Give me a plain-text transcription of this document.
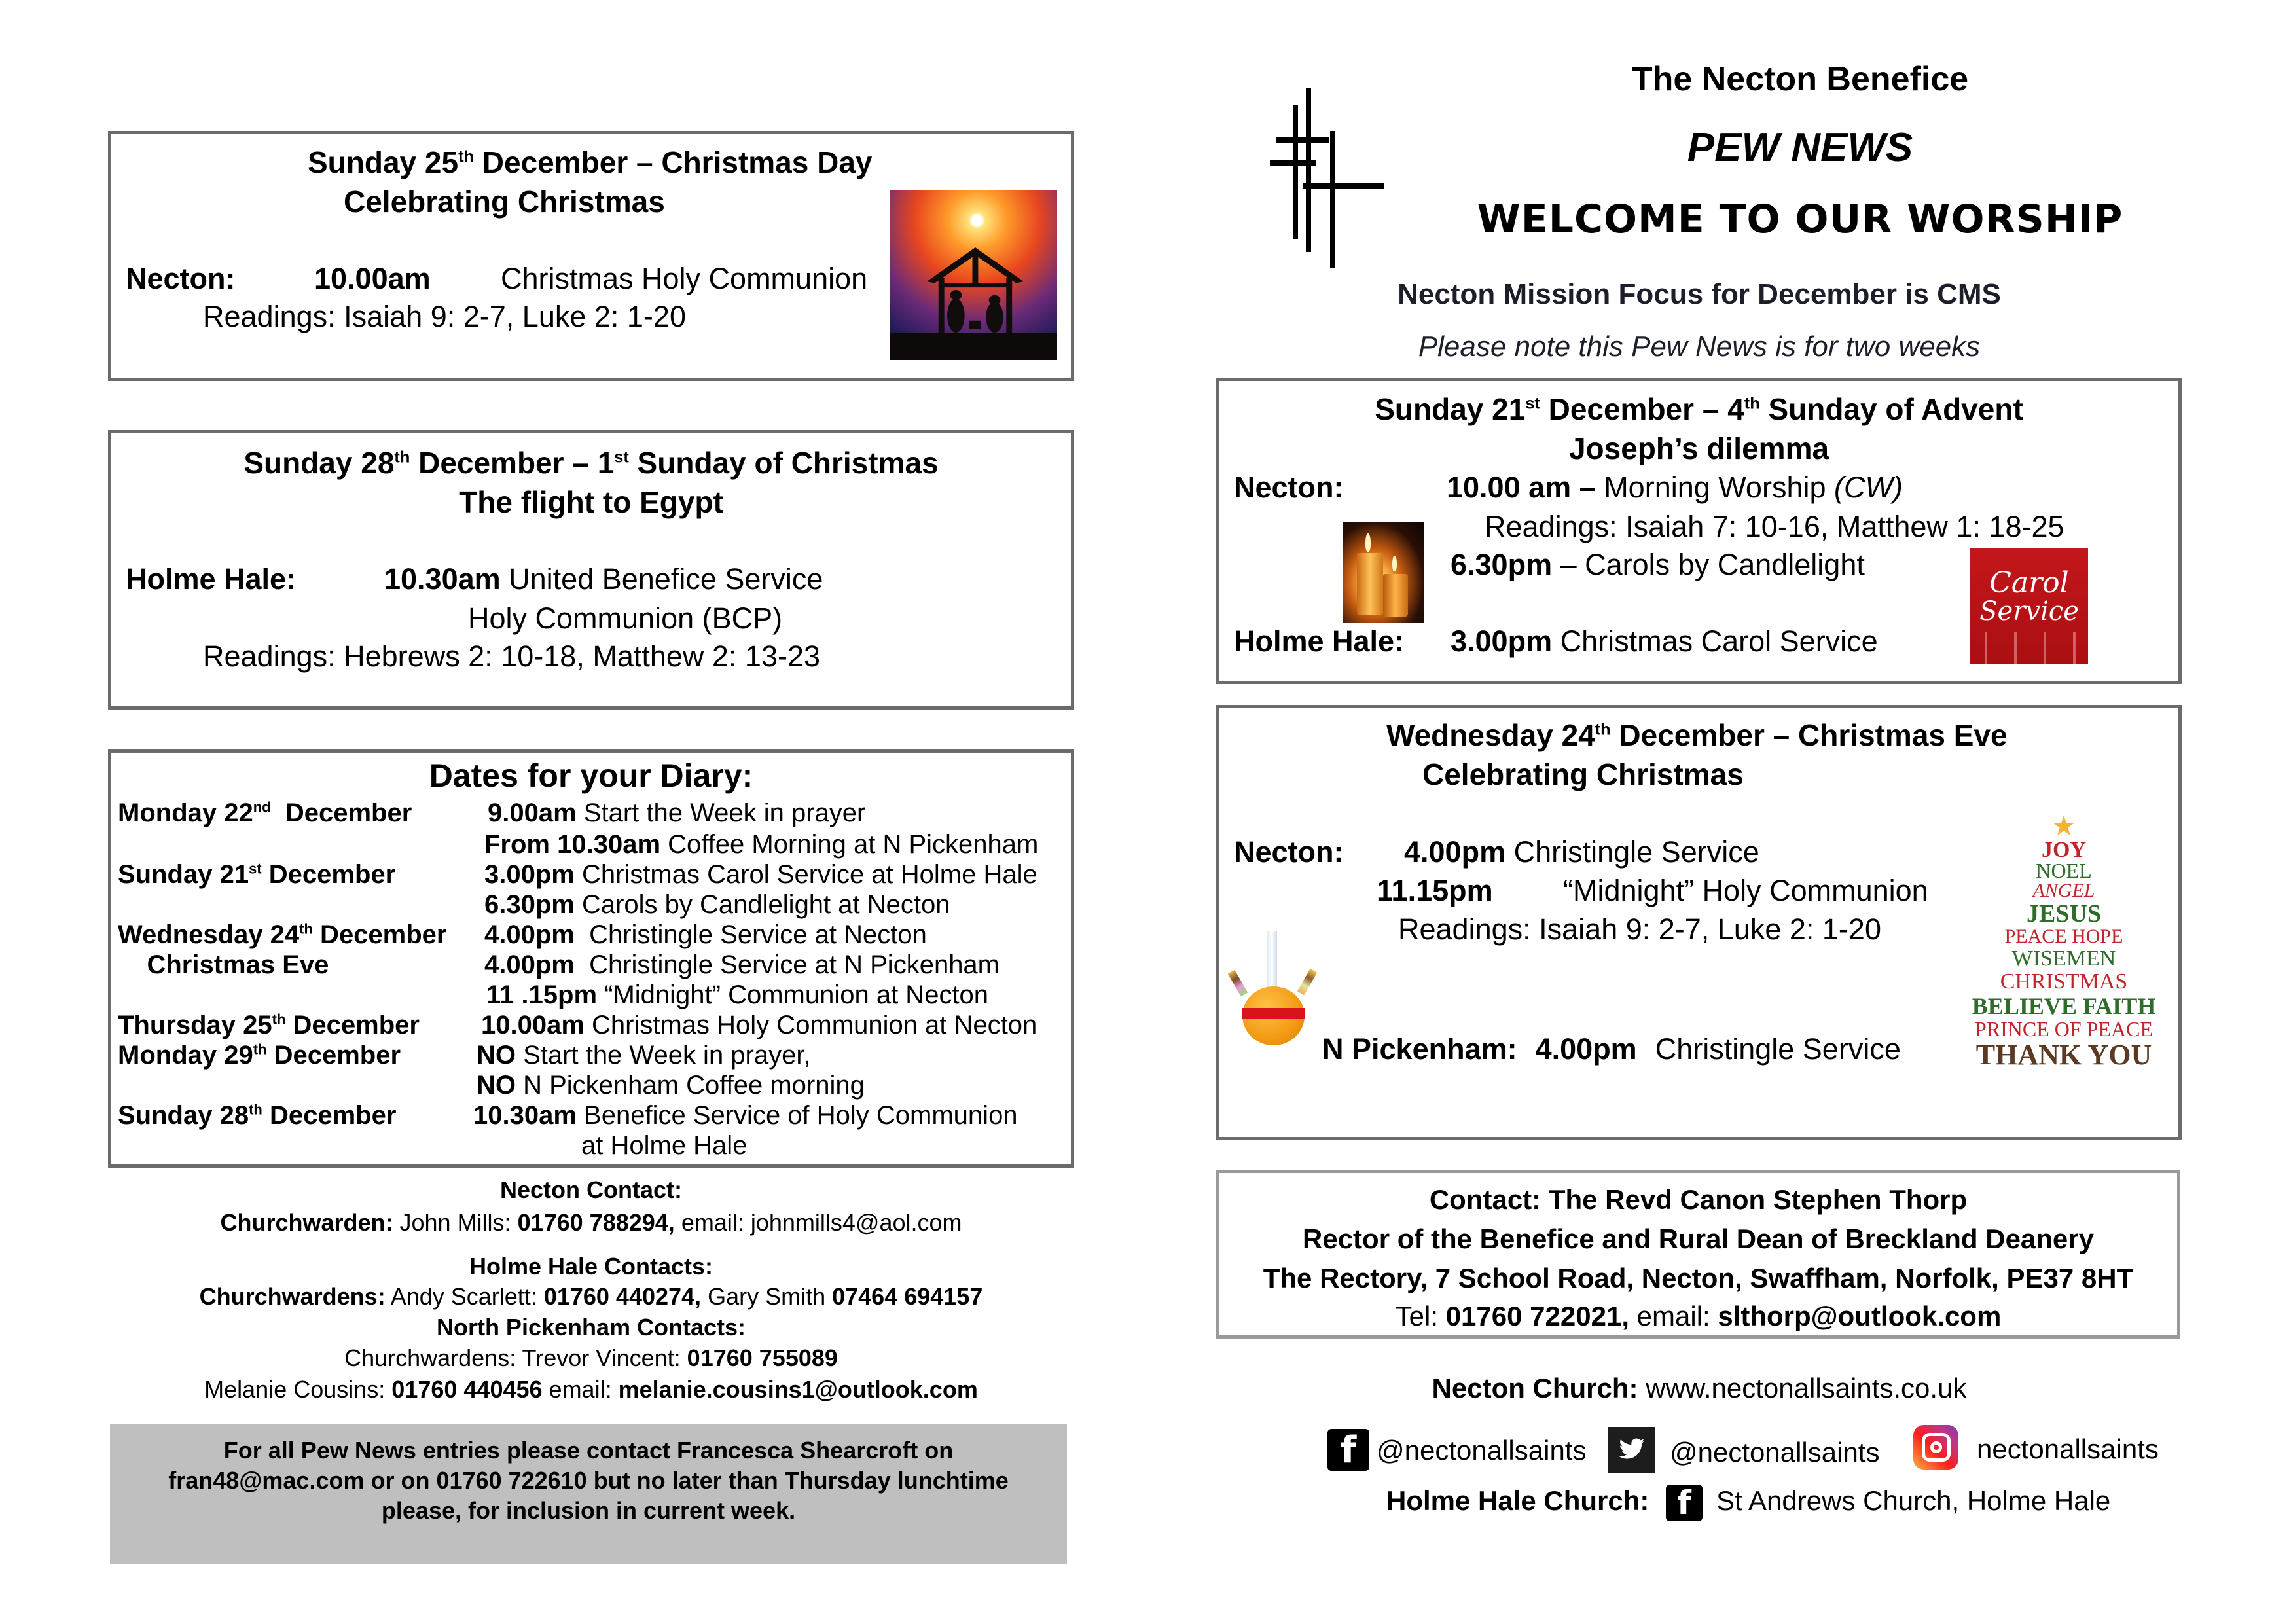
Sunday 25th December – Christmas Day
Celebrating Christmas
Necton:	10.00am Christmas Holy Communion
Readings: Isaiah 9: 2-7, Luke 2: 1-20
Sunday 28th December – 1st Sunday of Christmas
The flight to Egypt
Holme Hale:	10.30am United Benefice Service
Holy Communion (BCP)
Readings: Hebrews 2: 10-18, Matthew 2: 13-23
Dates for your Diary:
Monday 22nd  December	9.00am Start the Week in prayer
From 10.30am Coffee Morning at N Pickenham
Sunday 21st December	3.00pm Christmas Carol Service at Holme Hale
6.30pm Carols by Candlelight at Necton
Wednesday 24th December 4.00pm  Christingle Service at Necton
Christmas Eve	4.00pm  Christingle Service at N Pickenham
11 .15pm “Midnight” Communion at Necton
Thursday 25th December 10.00am Christmas Holy Communion at Necton
Monday 29th December	NO Start the Week in prayer,
NO N Pickenham Coffee morning
Sunday 28th December	10.30am Benefice Service of Holy Communion
at Holme Hale
Necton Contact:
Churchwarden: John Mills: 01760 788294, email: johnmills4@aol.com
Holme Hale Contacts:
Churchwardens: Andy Scarlett: 01760 440274, Gary Smith 07464 694157
North Pickenham Contacts:
Churchwardens: Trevor Vincent: 01760 755089
Melanie Cousins: 01760 440456 email: melanie.cousins1@outlook.com
For all Pew News entries please contact Francesca Shearcroft on
fran48@mac.com or on 01760 722610 but no later than Thursday lunchtime
please, for inclusion in current week.
The Necton Benefice
PEW NEWS
WELCOME TO OUR WORSHIP
Necton Mission Focus for December is CMS
Please note this Pew News is for two weeks
Sunday 21st December – 4th Sunday of Advent
Joseph’s dilemma
Necton:	10.00 am – Morning Worship (CW)
Readings: Isaiah 7: 10-16, Matthew 1: 18-25
6.30pm – Carols by Candlelight
Holme Hale: 3.00pm Christmas Carol Service
Carol
Service
Wednesday 24th December – Christmas Eve
Celebrating Christmas
Necton: 4.00pm Christingle Service
11.15pm “Midnight” Holy Communion
Readings: Isaiah 9: 2-7, Luke 2: 1-20
N Pickenham: 4.00pm Christingle Service
★
JOY
NOEL
ANGEL
JESUS
PEACE HOPE
WISEMEN
CHRISTMAS
BELIEVE FAITH
PRINCE OF PEACE
THANK YOU
Contact: The Revd Canon Stephen Thorp
Rector of the Benefice and Rural Dean of Breckland Deanery
The Rectory, 7 School Road, Necton, Swaffham, Norfolk, PE37 8HT
Tel: 01760 722021, email: slthorp@outlook.com
Necton Church: www.nectonallsaints.co.uk
f @nectonallsaints	@nectonallsaints	nectonallsaints
Holme Hale Church: f St Andrews Church, Holme Hale
